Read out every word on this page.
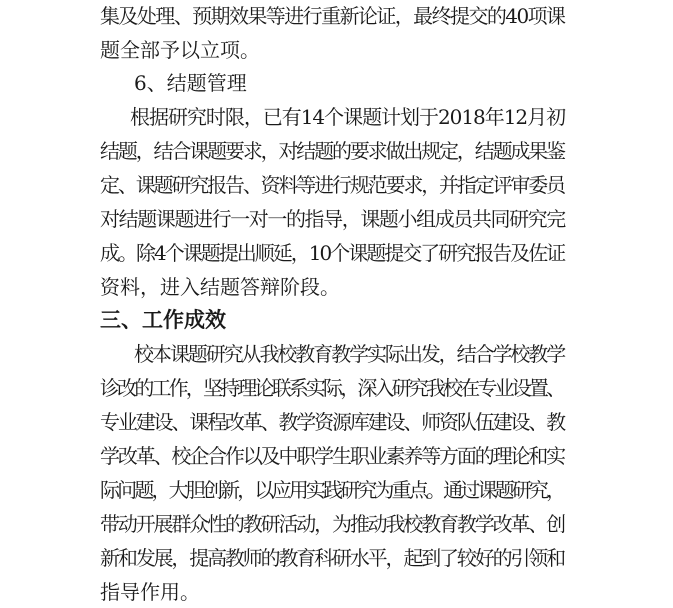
集及处理、预期效果等进行重新论证，最终提交的40项课
题全部予以立项。
6、结题管理
根据研究时限，已有14个课题计划于2018年12月初
结题，结合课题要求，对结题的要求做出规定，结题成果鉴
定、课题研究报告、资料等进行规范要求，并指定评审委员
对结题课题进行一对一的指导，课题小组成员共同研究完
成。除4个课题提出顺延，10个课题提交了研究报告及佐证
资料，进入结题答辩阶段。
三、工作成效
校本课题研究从我校教育教学实际出发，结合学校教学
诊改的工作，坚持理论联系实际，深入研究我校在专业设置、
专业建设、课程改革、教学资源库建设、师资队伍建设、教
学改革、校企合作以及中职学生职业素养等方面的理论和实
际问题，大胆创新，以应用实践研究为重点。通过课题研究，
带动开展群众性的教研活动，为推动我校教育教学改革、创
新和发展，提高教师的教育科研水平，起到了较好的引领和
指导作用。
